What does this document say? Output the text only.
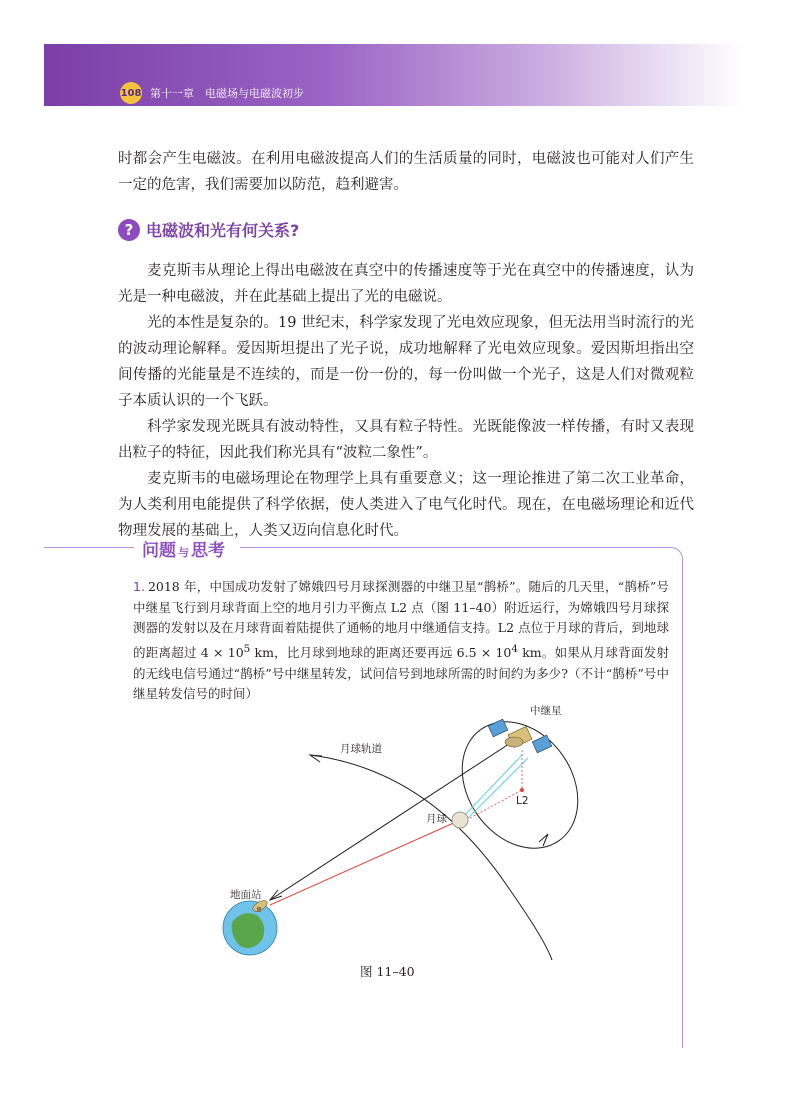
108 第十一章　电磁场与电磁波初步

时都会产生电磁波。在利用电磁波提高人们的生活质量的同时，电磁波也可能对人们产生一定的危害，我们需要加以防范，趋利避害。

? 电磁波和光有何关系?

麦克斯韦从理论上得出电磁波在真空中的传播速度等于光在真空中的传播速度，认为光是一种电磁波，并在此基础上提出了光的电磁说。

光的本性是复杂的。19 世纪末，科学家发现了光电效应现象，但无法用当时流行的光的波动理论解释。爱因斯坦提出了光子说，成功地解释了光电效应现象。爱因斯坦指出空间传播的光能量是不连续的，而是一份一份的，每一份叫做一个光子，这是人们对微观粒子本质认识的一个飞跃。

科学家发现光既具有波动特性，又具有粒子特性。光既能像波一样传播，有时又表现出粒子的特征，因此我们称光具有“波粒二象性”。

麦克斯韦的电磁场理论在物理学上具有重要意义；这一理论推进了第二次工业革命，为人类利用电能提供了科学依据，使人类进入了电气化时代。现在，在电磁场理论和近代物理发展的基础上，人类又迈向信息化时代。

问题 与 思考

1. 2018 年，中国成功发射了嫦娥四号月球探测器的中继卫星“鹊桥”。随后的几天里，“鹊桥”号中继星飞行到月球背面上空的地月引力平衡点 L2 点（图 11–40）附近运行，为嫦娥四号月球探测器的发射以及在月球背面着陆提供了通畅的地月中继通信支持。L2 点位于月球的背后，到地球的距离超过 $4 \times 10^5$ km，比月球到地球的距离还要再远 $6.5 \times 10^4$ km。如果从月球背面发射的无线电信号通过“鹊桥”号中继星转发，试问信号到地球所需的时间约为多少?（不计“鹊桥”号中继星转发信号的时间）

中继星
月球轨道
L2
月球
地面站
图 11–40
